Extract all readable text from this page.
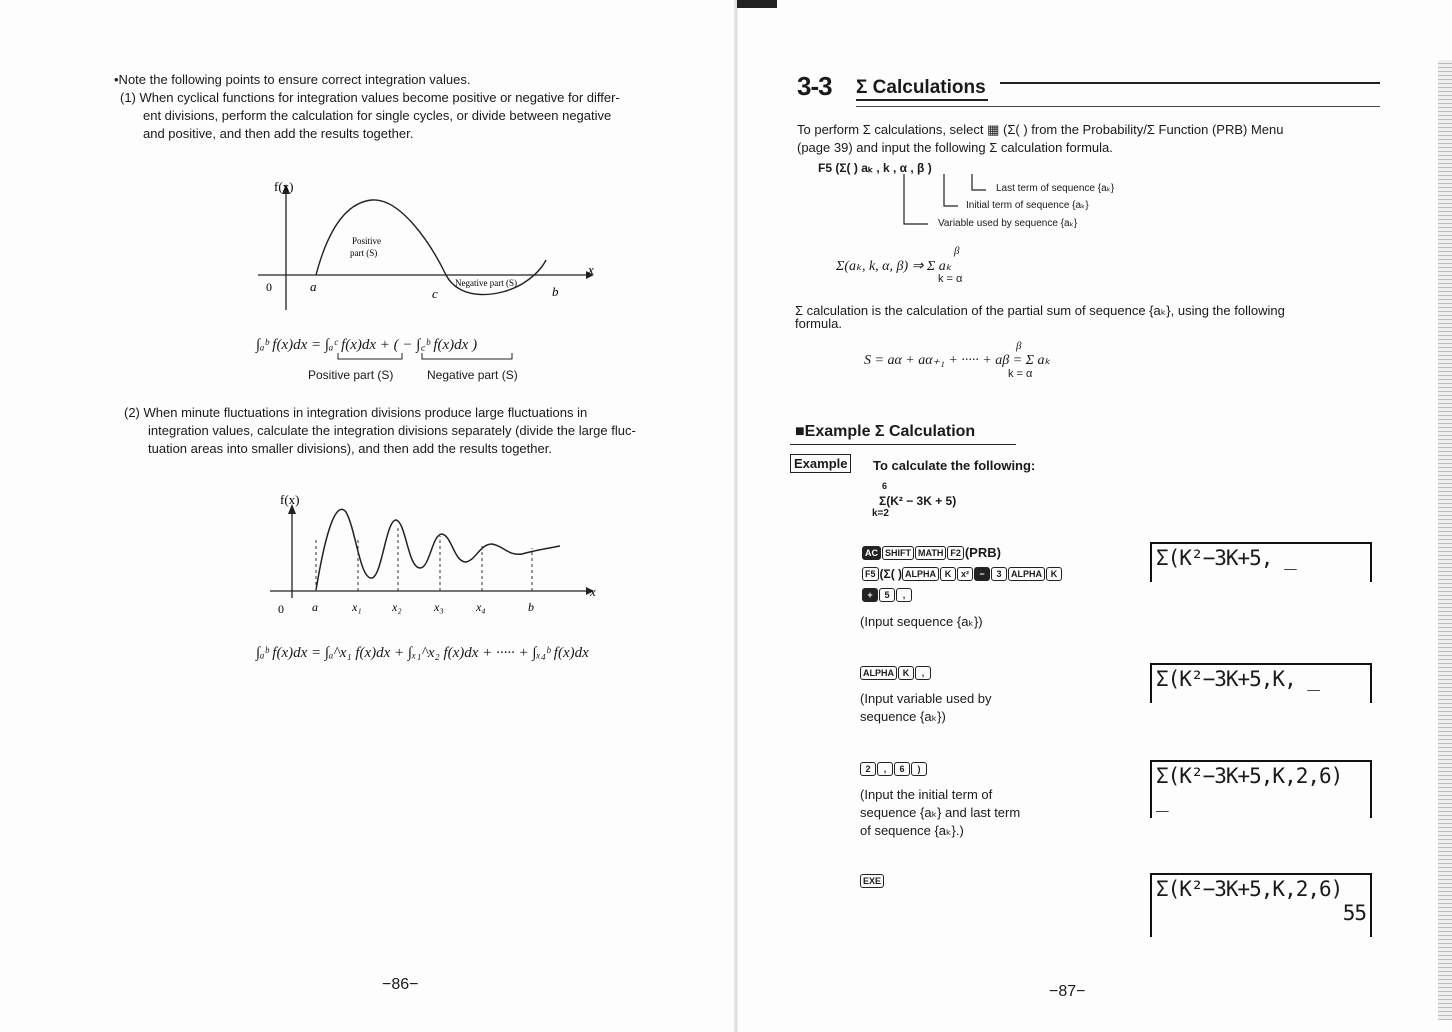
•Note the following points to ensure correct integration values.
(1) When cyclical functions for integration values become positive or negative for differ-
ent divisions, perform the calculation for single cycles, or divide between negative
and positive, and then add the results together.
f(x)
x
0	a	c	b
Positive
part (S)
Negative part (S)
∫ₐᵇ f(x)dx = ∫ₐᶜ f(x)dx + ( − ∫꜀ᵇ f(x)dx )
Positive part (S)	Negative part (S)
(2) When minute fluctuations in integration divisions produce large fluctuations in
integration values, calculate the integration divisions separately (divide the large fluc-
tuation areas into smaller divisions), and then add the results together.
f(x)
x
0 a	x₁	x₂	x₃	x₄	b
∫ₐᵇ f(x)dx = ∫ₐ^x₁ f(x)dx + ∫ₓ₁^x₂ f(x)dx + ····· + ∫ₓ₄ᵇ f(x)dx
−86−
3-3 Σ Calculations
To perform Σ calculations, select ▦ (Σ( ) from the Probability/Σ Function (PRB) Menu
(page 39) and input the following Σ calculation formula.
F5 (Σ( ) aₖ , k , α , β )
Last term of sequence {aₖ}
Initial term of sequence {aₖ}
Variable used by sequence {aₖ}
β
Σ(aₖ, k, α, β) ⇒ Σ aₖ
k = α
Σ calculation is the calculation of the partial sum of sequence {aₖ}, using the following
formula.
β
S = aα + aα₊₁ + ····· + aβ = Σ aₖ
k = α
■Example Σ Calculation
Example	To calculate the following:
6
Σ(K² − 3K + 5)
k=2
AC SHIFT MATH F2 (PRB)
F5 (Σ( ) ALPHA K x² − 3 ALPHA K
+ 5 ,
(Input sequence {aₖ})
Σ(K²−3K+5, _
ALPHA K ,
(Input variable used by
sequence {aₖ})
Σ(K²−3K+5,K, _
2 , 6 )
(Input the initial term of
sequence {aₖ} and last term
of sequence {aₖ}.)
Σ(K²−3K+5,K,2,6)
_
EXE	Σ(K²−3K+5,K,2,6)
55
−87−
